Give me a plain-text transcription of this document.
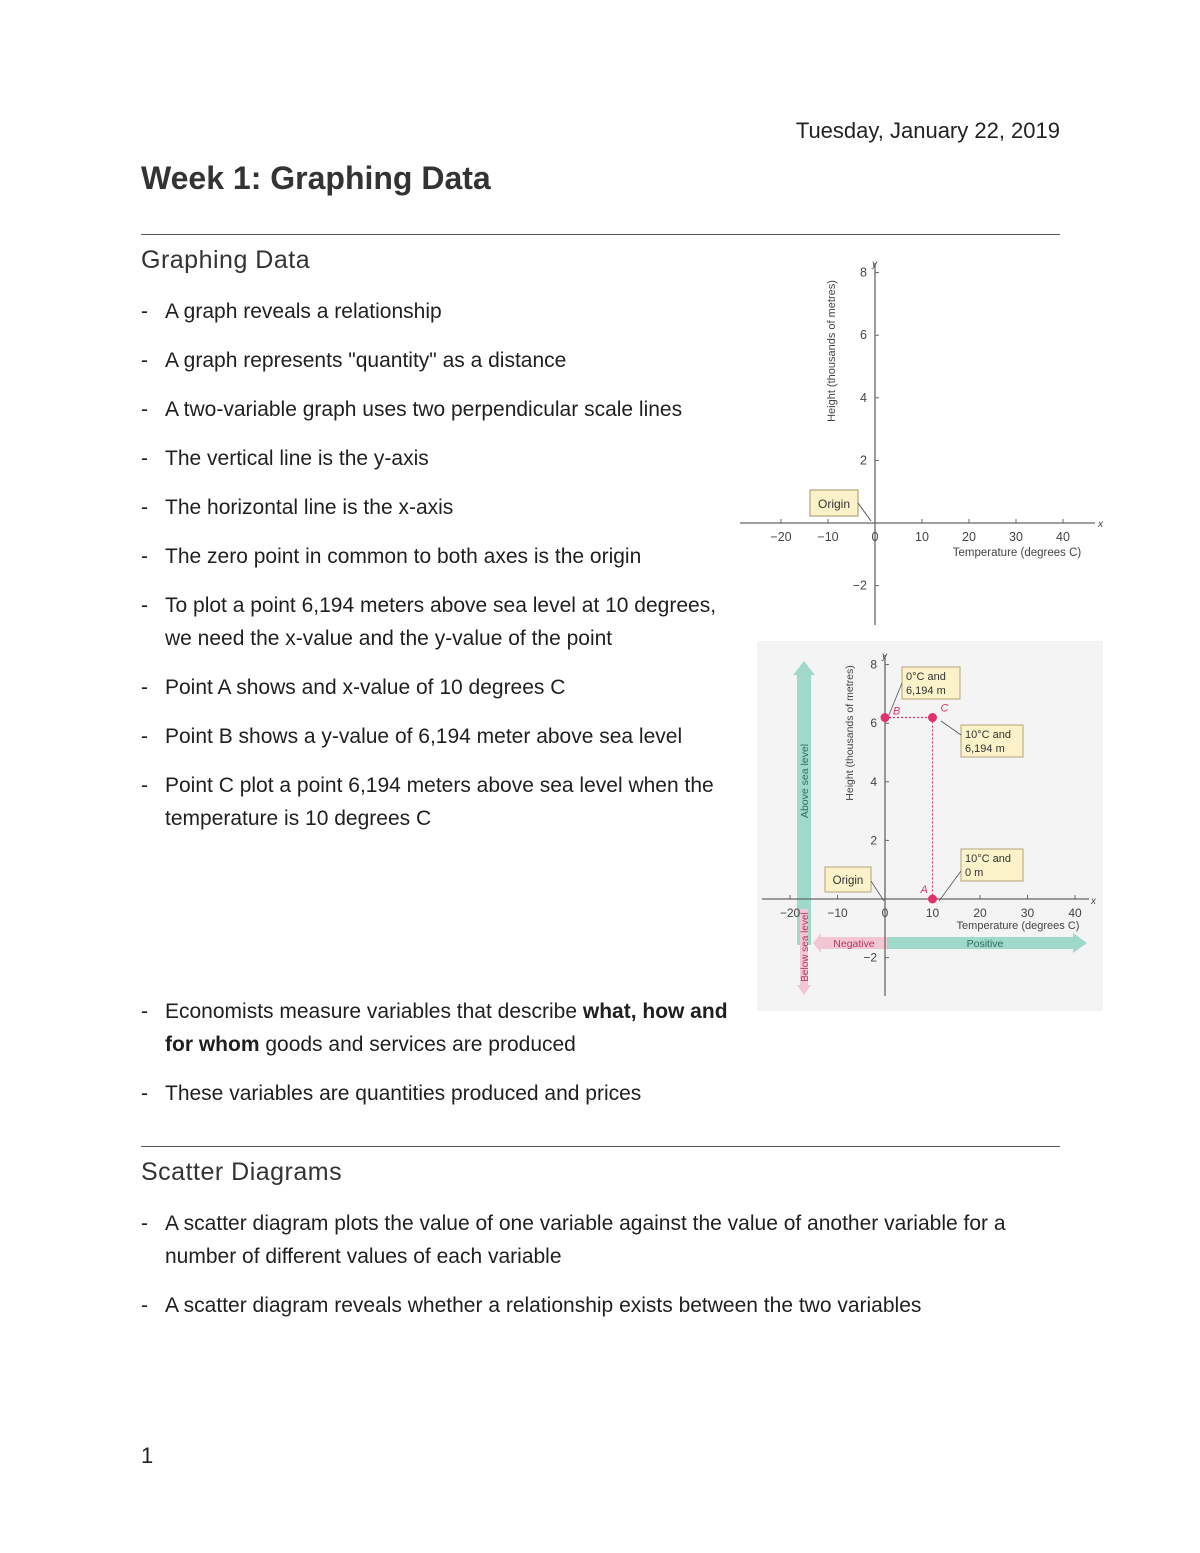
Tuesday, January 22, 2019
Week 1: Graphing Data
Graphing Data
- A graph reveals a relationship
- A graph represents "quantity" as a distance
- A two-variable graph uses two perpendicular scale lines
- The vertical line is the y-axis
- The horizontal line is the x-axis
- The zero point in common to both axes is the origin
- To plot a point 6,194 meters above sea level at 10 degrees, we need the x-value and the y-value of the point
- Point A shows and x-value of 10 degrees C
- Point B shows a y-value of 6,194 meter above sea level
- Point C plot a point 6,194 meters above sea level when the temperature is 10 degrees C
- Economists measure variables that describe what, how and for whom goods and services are produced
- These variables are quantities produced and prices
Scatter Diagrams
- A scatter diagram plots the value of one variable against the value of another variable for a number of different values of each variable
- A scatter diagram reveals whether a relationship exists between the two variables
1
−20 −10	0	10	20	30	40
−2
2
4
6
8
Height (thousands of metres)
Temperature (degrees C)
x
y
Origin
Above sea level
Below sea level	Positive
Negative
−20 −10	0	10	20	30	40
−2
2
4
6
8
Height (thousands of metres)
Temperature (degrees C)
x
y
A
B	C
0°C and
6,194 m
10°C and
6,194 m
10°C and
0 m
Origin
